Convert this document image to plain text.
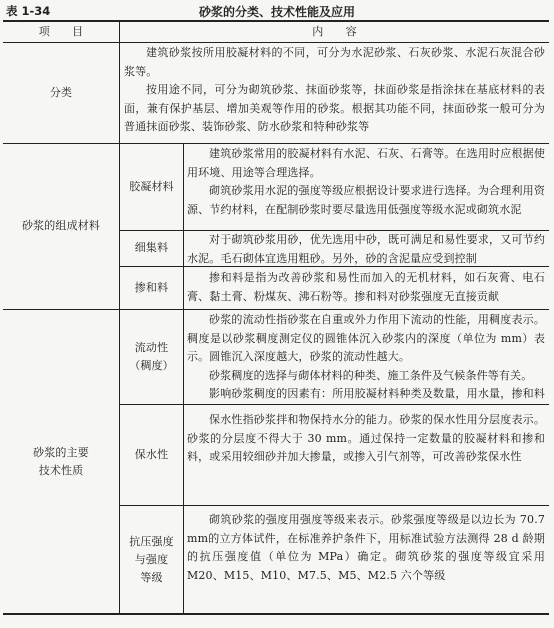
表 1-34	砂浆的分类、技术性能及应用
项　　目	内　　容
分类

建筑砂浆按所用胶凝材料的不同，可分为水泥砂浆、石灰砂浆、水泥石灰混合砂浆等。

按用途不同，可分为砌筑砂浆、抹面砂浆等，抹面砂浆是指涂抹在基底材料的表面，兼有保护基层、增加美观等作用的砂浆。根据其功能不同，抹面砂浆一般可分为普通抹面砂浆、装饰砂浆、防水砂浆和特种砂浆等

砂浆的组成材料
胶凝材料

建筑砂浆常用的胶凝材料有水泥、石灰、石膏等。在选用时应根据使用环境、用途等合理选择。

砌筑砂浆用水泥的强度等级应根据设计要求进行选择。为合理利用资源、节约材料，在配制砂浆时要尽量选用低强度等级水泥或砌筑水泥

细集料

对于砌筑砂浆用砂，优先选用中砂，既可满足和易性要求，又可节约水泥。毛石砌体宜选用粗砂。另外，砂的含泥量应受到控制

掺和料

掺和料是指为改善砂浆和易性而加入的无机材料，如石灰膏、电石膏、黏土膏、粉煤灰、沸石粉等。掺和料对砂浆强度无直接贡献

砂浆的主要
技术性质
流动性
（稠度）

砂浆的流动性指砂浆在自重或外力作用下流动的性能，用稠度表示。稠度是以砂浆稠度测定仪的圆锥体沉入砂浆内的深度（单位为 mm）表示。圆锥沉入深度越大，砂浆的流动性越大。

砂浆稠度的选择与砌体材料的种类、施工条件及气候条件等有关。

影响砂浆稠度的因素有：所用胶凝材料种类及数量，用水量，掺和料

保水性

保水性指砂浆拌和物保持水分的能力。砂浆的保水性用分层度表示。砂浆的分层度不得大于 30 mm。通过保持一定数量的胶凝材料和掺和料，或采用较细砂并加大掺量，或掺入引气剂等，可改善砂浆保水性

抗压强度
与强度
等级

砌筑砂浆的强度用强度等级来表示。砂浆强度等级是以边长为 70.7 mm的立方体试件，在标准养护条件下，用标准试验方法测得 28 d 龄期的抗压强度值（单位为 MPa）确定。砌筑砂浆的强度等级宜采用 M20、M15、M10、M7.5、M5、M2.5 六个等级
